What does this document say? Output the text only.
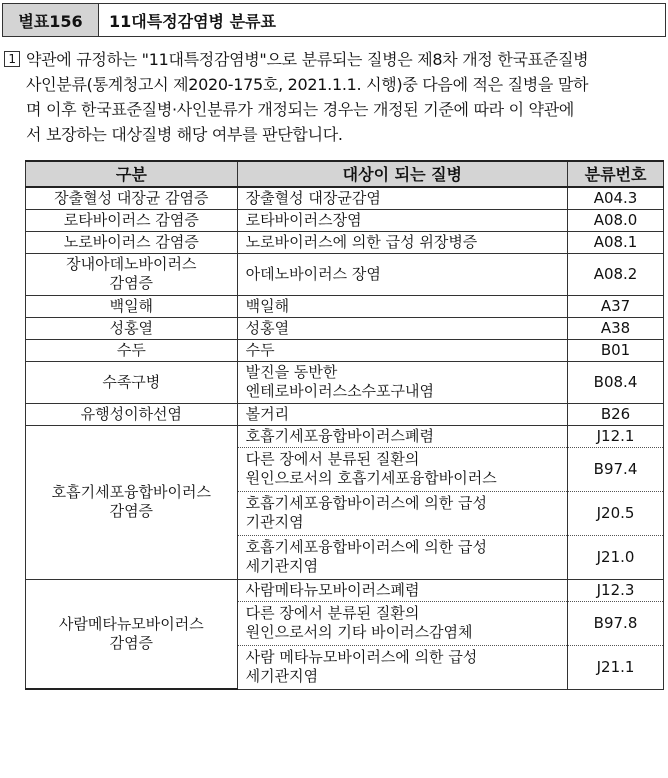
별표156	11대특정감염병 분류표
1 약관에 규정하는 "11대특정감염병"으로 분류되는 질병은 제8차 개정 한국표준질병
사인분류(통계청고시 제2020-175호, 2021.1.1. 시행)중 다음에 적은 질병을 말하
며 이후 한국표준질병·사인분류가 개정되는 경우는 개정된 기준에 따라 이 약관에
서 보장하는 대상질병 해당 여부를 판단합니다.
구분	대상이 되는 질병	분류번호
장출혈성 대장균 감염증	장출혈성 대장균감염	A04.3
로타바이러스 감염증	로타바이러스장염	A08.0
노로바이러스 감염증	노로바이러스에 의한 급성 위장병증	A08.1
장내아데노바이러스
감염증	아데노바이러스 장염	A08.2
백일해	백일해	A37
성홍열	성홍열	A38
수두	수두	B01
수족구병	발진을 동반한
엔테로바이러스소수포구내염	B08.4
유행성이하선염	볼거리	B26
호흡기세포융합바이러스
감염증	호흡기세포융합바이러스폐렴	J12.1
	다른 장에서 분류된 질환의
원인으로서의 호흡기세포융합바이러스	B97.4
	호흡기세포융합바이러스에 의한 급성
기관지염	J20.5
	호흡기세포융합바이러스에 의한 급성
세기관지염	J21.0
사람메타뉴모바이러스
감염증	사람메타뉴모바이러스폐렴	J12.3
	다른 장에서 분류된 질환의
원인으로서의 기타 바이러스감염체	B97.8
	사람 메타뉴모바이러스에 의한 급성
세기관지염	J21.1
